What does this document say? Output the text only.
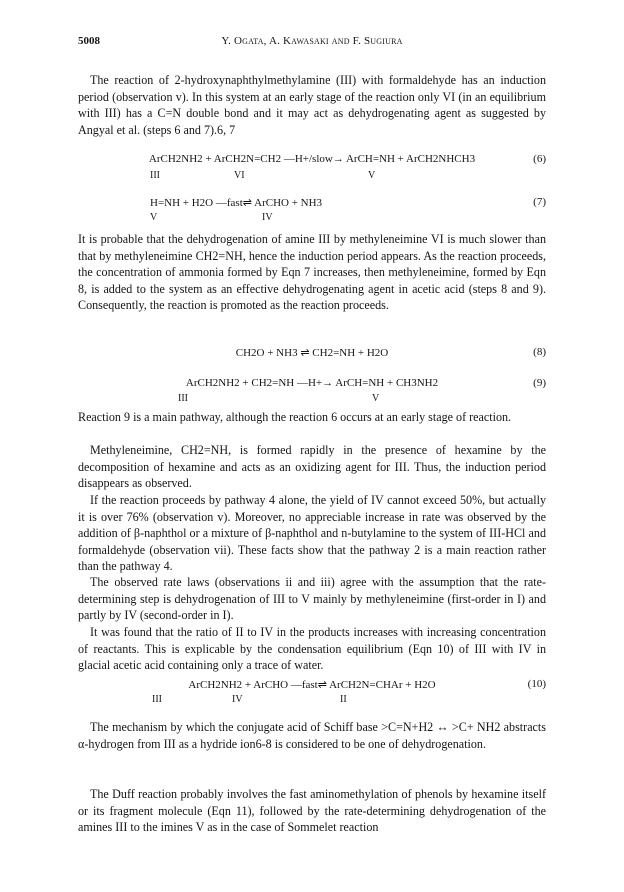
5008	Y. Ogata, A. Kawasaki and F. Sugiura

The reaction of 2-hydroxynaphthylmethylamine (III) with formaldehyde has an induction period (observation v). In this system at an early stage of the reaction only VI (in an equilibrium with III) has a C=N double bond and it may act as dehydrogenating agent as suggested by Angyal et al. (steps 6 and 7).6, 7

ArCH2NH2 + ArCH2N=CH2 —H+/slow→ ArCH=NH + ArCH2NHCH3	(6)
III	VI	V
H=NH + H2O —fast⇌ ArCHO + NH3	(7)
V	IV

It is probable that the dehydrogenation of amine III by methyleneimine VI is much slower than that by methyleneimine CH2=NH, hence the induction period appears. As the reaction proceeds, the concentration of ammonia formed by Eqn 7 increases, then methyleneimine, formed by Eqn 8, is added to the system as an effective dehydrogenating agent in acetic acid (steps 8 and 9). Consequently, the reaction is promoted as the reaction proceeds.

CH2O + NH3 ⇌ CH2=NH + H2O	(8)
ArCH2NH2 + CH2=NH —H+→ ArCH=NH + CH3NH2	(9)
III	V

Reaction 9 is a main pathway, although the reaction 6 occurs at an early stage of reaction.

Methyleneimine, CH2=NH, is formed rapidly in the presence of hexamine by the decomposition of hexamine and acts as an oxidizing agent for III. Thus, the induction period disappears as observed.

If the reaction proceeds by pathway 4 alone, the yield of IV cannot exceed 50%, but actually it is over 76% (observation v). Moreover, no appreciable increase in rate was observed by the addition of β-naphthol or a mixture of β-naphthol and n-butylamine to the system of III-HCl and formaldehyde (observation vii). These facts show that the pathway 2 is a main reaction rather than the pathway 4.

The observed rate laws (observations ii and iii) agree with the assumption that the rate-determining step is dehydrogenation of III to V mainly by methyleneimine (first-order in I) and partly by IV (second-order in I).

It was found that the ratio of II to IV in the products increases with increasing concentration of reactants. This is explicable by the condensation equilibrium (Eqn 10) of III with IV in glacial acetic acid containing only a trace of water.

ArCH2NH2 + ArCHO —fast⇌ ArCH2N=CHAr + H2O	(10)
III	IV	II

The mechanism by which the conjugate acid of Schiff base >C=N+H2 ↔ >C+ NH2 abstracts α-hydrogen from III as a hydride ion6-8 is considered to be one of dehydrogenation.

The Duff reaction probably involves the fast aminomethylation of phenols by hexamine itself or its fragment molecule (Eqn 11), followed by the rate-determining dehydrogenation of the amines III to the imines V as in the case of Sommelet reaction
